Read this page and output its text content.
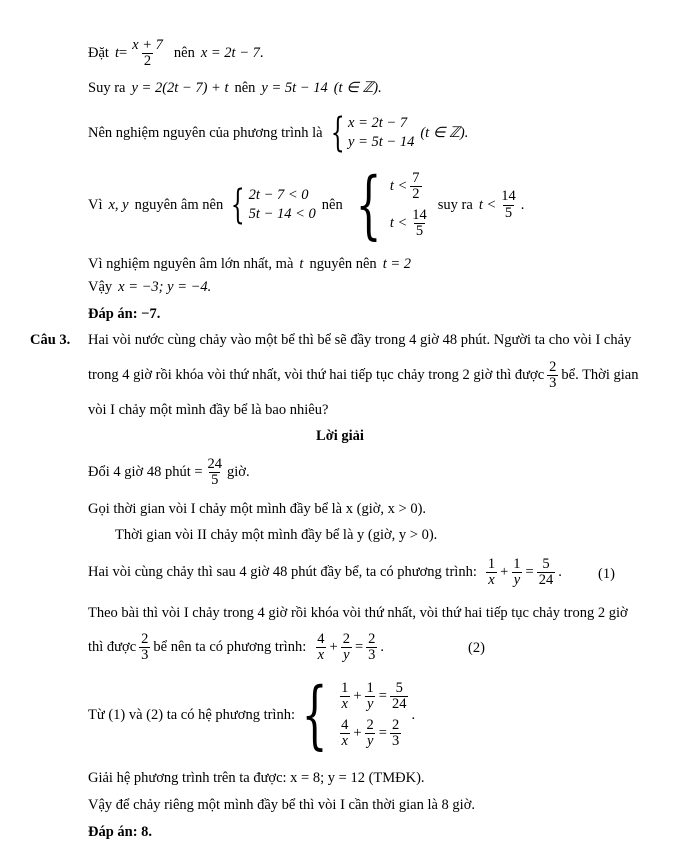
Đặt $t = \frac{x + 7}{2}$ nên x = 2t − 7 .
Suy ra y = 2(2t − 7) + t nên y = 5t − 14 (t ∈ ℤ).
Nên nghiệm nguyên của phương trình là { x = 2t − 7
y = 5t − 14
(t ∈ ℤ).
Vì x, y nguyên âm nên { 2t − 7 < 0
5t − 14 < 0
nên { $t < \frac{7}{2}$
$t < \frac{14}{5}$
suy ra $t < \frac{14}{5}$ .
Vì nghiệm nguyên âm lớn nhất, mà t nguyên nên t = 2
Vậy x = −3; y = −4.
Đáp án: −7.
Câu 3. Hai vòi nước cùng chảy vào một bể thì bể sẽ đầy trong 4 giờ 48 phút. Người ta cho vòi I chảy
trong 4 giờ rồi khóa vòi thứ nhất, vòi thứ hai tiếp tục chảy trong 2 giờ thì được $\frac{2}{3}$ bể. Thời gian
vòi I chảy một mình đầy bể là bao nhiêu?
Lời giải
Đổi 4 giờ 48 phút = $\frac{24}{5}$ giờ.
Gọi thời gian vòi I chảy một mình đầy bể là x (giờ, x > 0).
Thời gian vòi II chảy một mình đầy bể là y (giờ, y > 0).
Hai vòi cùng chảy thì sau 4 giờ 48 phút đầy bể, ta có phương trình: $\frac{1}{x} + \frac{1}{y} = \frac{5}{24}$ . (1)
Theo bài thì vòi I chảy trong 4 giờ rồi khóa vòi thứ nhất, vòi thứ hai tiếp tục chảy trong 2 giờ
thì được $\frac{2}{3}$ bể nên ta có phương trình: $\frac{4}{x} + \frac{2}{y} = \frac{2}{3}$ .	(2)
Từ (1) và (2) ta có hệ phương trình: { $\frac{1}{x} + \frac{1}{y} = \frac{5}{24}$
$\frac{4}{x} + \frac{2}{y} = \frac{2}{3}$
.
Giải hệ phương trình trên ta được: x = 8; y = 12 (TMĐK).
Vậy để chảy riêng một mình đầy bể thì vòi I cần thời gian là 8 giờ.
Đáp án: 8.
